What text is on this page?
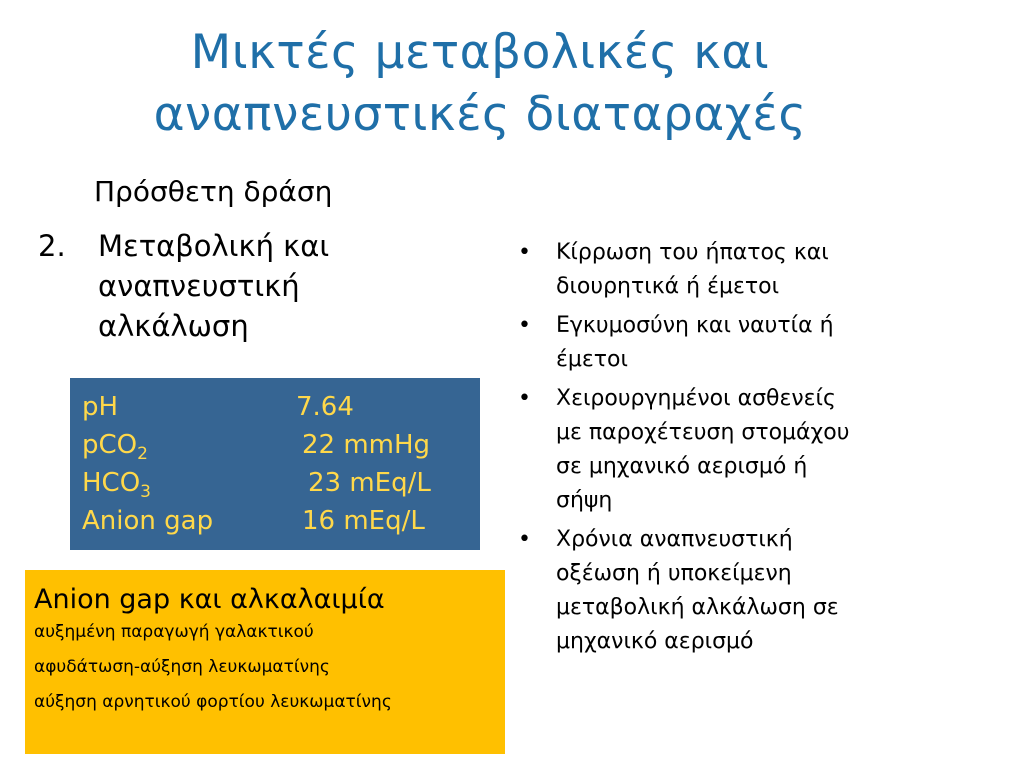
Μικτές μεταβολικές και
αναπνευστικές διαταραχές
Πρόσθετη δράση
2. Μεταβολική και
αναπνευστική
αλκάλωση
pH	7.64
pCO$_2$	22 mmHg
$HCO_3$	23 mEq/L
Anion gap	16 mEq/L
Anion gap και αλκαλαιμία
αυξημένη παραγωγή γαλακτικού
αφυδάτωση-αύξηση λευκωματίνης
αύξηση αρνητικού φορτίου λευκωματίνης
• Κίρρωση του ήπατος και
διουρητικά ή έμετοι
• Εγκυμοσύνη και ναυτία ή
έμετοι
• Χειρουργημένοι ασθενείς
με παροχέτευση στομάχου
σε μηχανικό αερισμό ή
σήψη
• Χρόνια αναπνευστική
οξέωση ή υποκείμενη
μεταβολική αλκάλωση σε
μηχανικό αερισμό
